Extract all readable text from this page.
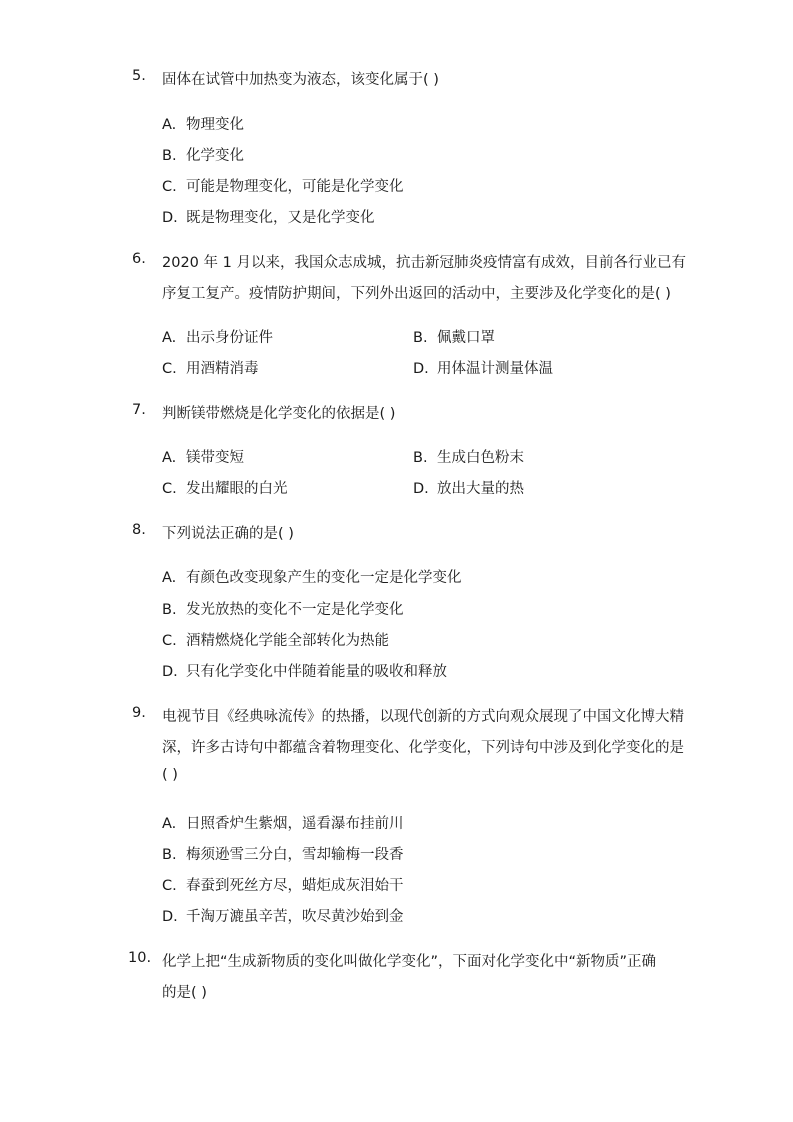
5.	固体在试管中加热变为液态，该变化属于( )
A. 物理变化
B. 化学变化
C. 可能是物理变化，可能是化学变化
D. 既是物理变化，又是化学变化
6.	2020 年 1 月以来，我国众志成城，抗击新冠肺炎疫情富有成效，目前各行业已有
序复工复产。疫情防护期间，下列外出返回的活动中，主要涉及化学变化的是( )
A. 出示身份证件	B. 佩戴口罩
C. 用酒精消毒	D. 用体温计测量体温
7.	判断镁带燃烧是化学变化的依据是( )
A. 镁带变短	B. 生成白色粉末
C. 发出耀眼的白光	D. 放出大量的热
8.	下列说法正确的是( )
A. 有颜色改变现象产生的变化一定是化学变化
B. 发光放热的变化不一定是化学变化
C. 酒精燃烧化学能全部转化为热能
D. 只有化学变化中伴随着能量的吸收和释放
9.	电视节目《经典咏流传》的热播，以现代创新的方式向观众展现了中国文化博大精
深，许多古诗句中都蕴含着物理变化、化学变化，下列诗句中涉及到化学变化的是
( )
A. 日照香炉生紫烟，遥看瀑布挂前川
B. 梅须逊雪三分白，雪却输梅一段香
C. 春蚕到死丝方尽，蜡炬成灰泪始干
D. 千淘万漉虽辛苦，吹尽黄沙始到金
10. 化学上把“生成新物质的变化叫做化学变化”，下面对化学变化中“新物质”正确
的是( )
